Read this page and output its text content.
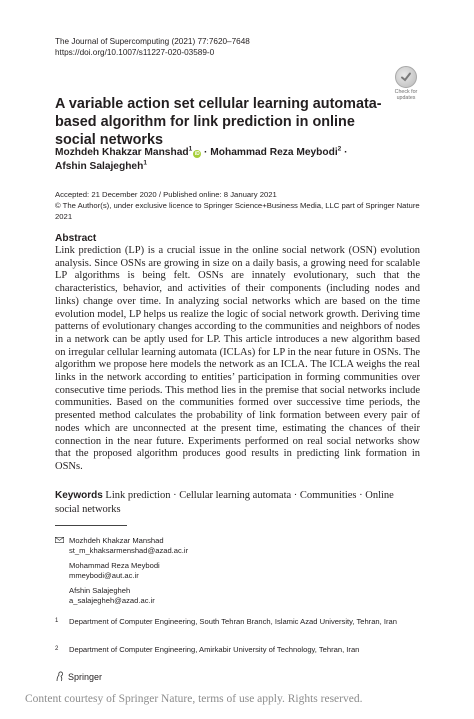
The Journal of Supercomputing (2021) 77:7620–7648
https://doi.org/10.1007/s11227-020-03589-0
Check for
updates
A variable action set cellular learning automata-based algorithm for link prediction in online social networks
Mozhdeh Khakzar Manshad$^1$iD · Mohammad Reza Meybodi$^2$ ·
Afshin Salajegheh$^1$
Accepted: 21 December 2020 / Published online: 8 January 2021
© The Author(s), under exclusive licence to Springer Science+Business Media, LLC part of Springer Nature 2021
Abstract

Link prediction (LP) is a crucial issue in the online social network (OSN) evolution analysis. Since OSNs are growing in size on a daily basis, a growing need for scalable LP algorithms is being felt. OSNs are innately evolutionary, such that the characteristics, behavior, and activities of their components (including nodes and links) change over time. In analyzing social networks which are based on the time evolution model, LP helps us realize the logic of social network growth. Deriving time patterns of evolutionary changes according to the communities and neighbors of nodes in a network can be aptly used for LP. This article introduces a new algorithm based on irregular cellular learning automata (ICLAs) for LP in the near future in OSNs. The algorithm we propose here models the network as an ICLA. The ICLA weighs the real links in the network according to entities’ participation in forming communities over consecutive time periods. This method lies in the premise that social networks include communities. Based on the communities formed over successive time periods, the presented method calculates the probability of link formation between every pair of nodes which are unconnected at the present time, estimating the chances of their connection in the near future. Experiments performed on real social networks show that the proposed algorithm produces good results in predicting link formation in OSNs.

Keywords Link prediction · Cellular learning automata · Communities · Online social networks
Mozhdeh Khakzar Manshad
st_m_khaksarmenshad@azad.ac.ir
Mohammad Reza Meybodi
mmeybodi@aut.ac.ir
Afshin Salajegheh
a_salajegheh@azad.ac.ir
1 Department of Computer Engineering, South Tehran Branch, Islamic Azad University, Tehran, Iran
2 Department of Computer Engineering, Amirkabir University of Technology, Tehran, Iran
Springer
Content courtesy of Springer Nature, terms of use apply. Rights reserved.
